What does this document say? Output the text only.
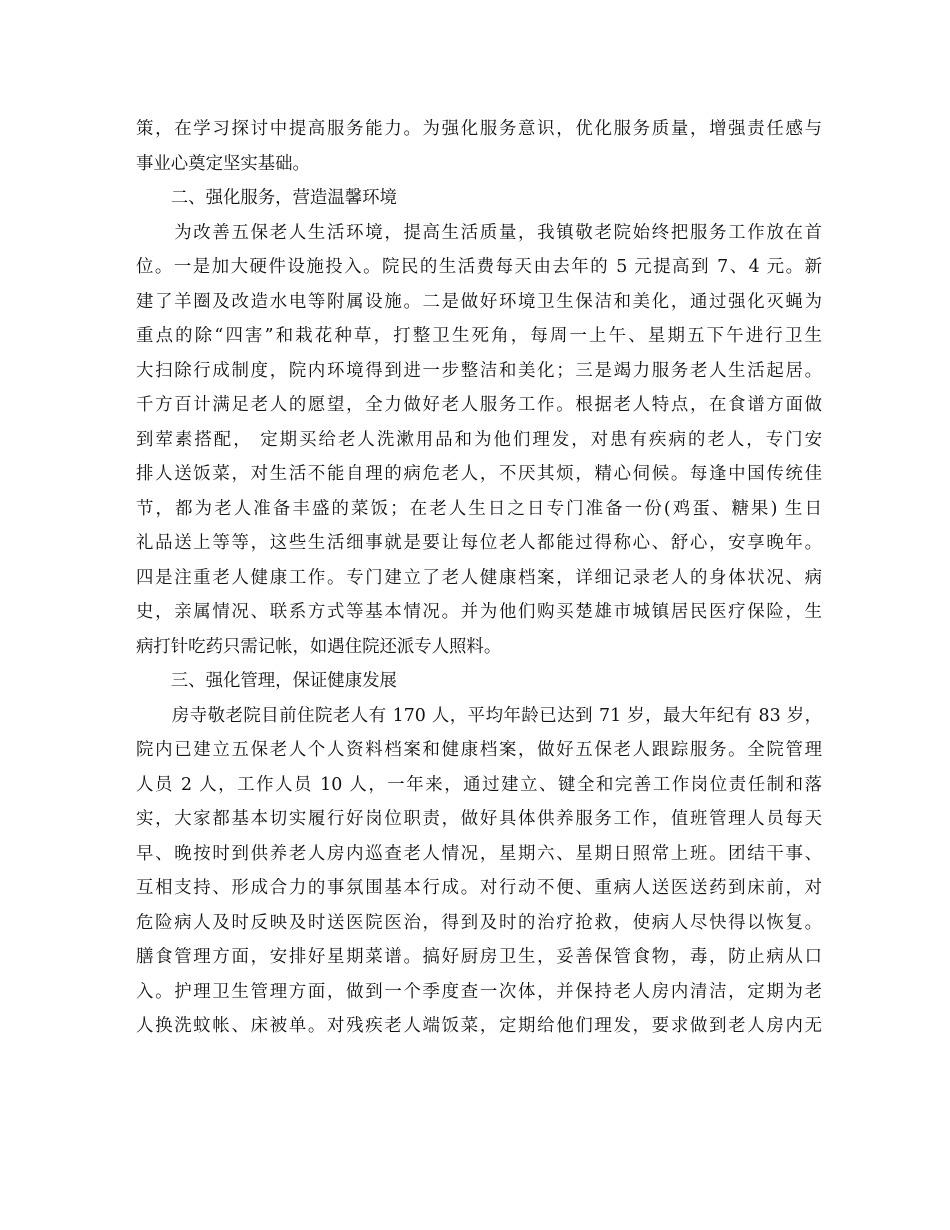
策，在学习探讨中提高服务能力。为强化服务意识，优化服务质量，增强责任感与
事业心奠定坚实基础。
　　二、强化服务，营造温馨环境
　　为改善五保老人生活环境，提高生活质量，我镇敬老院始终把服务工作放在首
位。一是加大硬件设施投入。院民的生活费每天由去年的 5 元提高到 7、4 元。新
建了羊圈及改造水电等附属设施。二是做好环境卫生保洁和美化，通过强化灭蝇为
重点的除“四害”和栽花种草，打整卫生死角，每周一上午、星期五下午进行卫生
大扫除行成制度，院内环境得到进一步整洁和美化；三是竭力服务老人生活起居。
千方百计满足老人的愿望，全力做好老人服务工作。根据老人特点，在食谱方面做
到荤素搭配， 定期买给老人洗漱用品和为他们理发，对患有疾病的老人，专门安
排人送饭菜，对生活不能自理的病危老人，不厌其烦，精心伺候。每逢中国传统佳
节，都为老人准备丰盛的菜饭；在老人生日之日专门准备一份(鸡蛋、糖果) 生日
礼品送上等等，这些生活细事就是要让每位老人都能过得称心、舒心，安享晚年。
四是注重老人健康工作。专门建立了老人健康档案，详细记录老人的身体状况、病
史，亲属情况、联系方式等基本情况。并为他们购买楚雄市城镇居民医疗保险，生
病打针吃药只需记帐，如遇住院还派专人照料。
　　三、强化管理，保证健康发展
　　房寺敬老院目前住院老人有 170 人，平均年龄已达到 71 岁，最大年纪有 83 岁，
院内已建立五保老人个人资料档案和健康档案，做好五保老人跟踪服务。全院管理
人员 2 人，工作人员 10 人，一年来，通过建立、键全和完善工作岗位责任制和落
实，大家都基本切实履行好岗位职责，做好具体供养服务工作，值班管理人员每天
早、晚按时到供养老人房内巡查老人情况，星期六、星期日照常上班。团结干事、
互相支持、形成合力的事氛围基本行成。对行动不便、重病人送医送药到床前，对
危险病人及时反映及时送医院医治，得到及时的治疗抢救，使病人尽快得以恢复。
膳食管理方面，安排好星期菜谱。搞好厨房卫生，妥善保管食物，毒，防止病从口
入。护理卫生管理方面，做到一个季度查一次体，并保持老人房内清洁，定期为老
人换洗蚊帐、床被单。对残疾老人端饭菜，定期给他们理发，要求做到老人房内无
